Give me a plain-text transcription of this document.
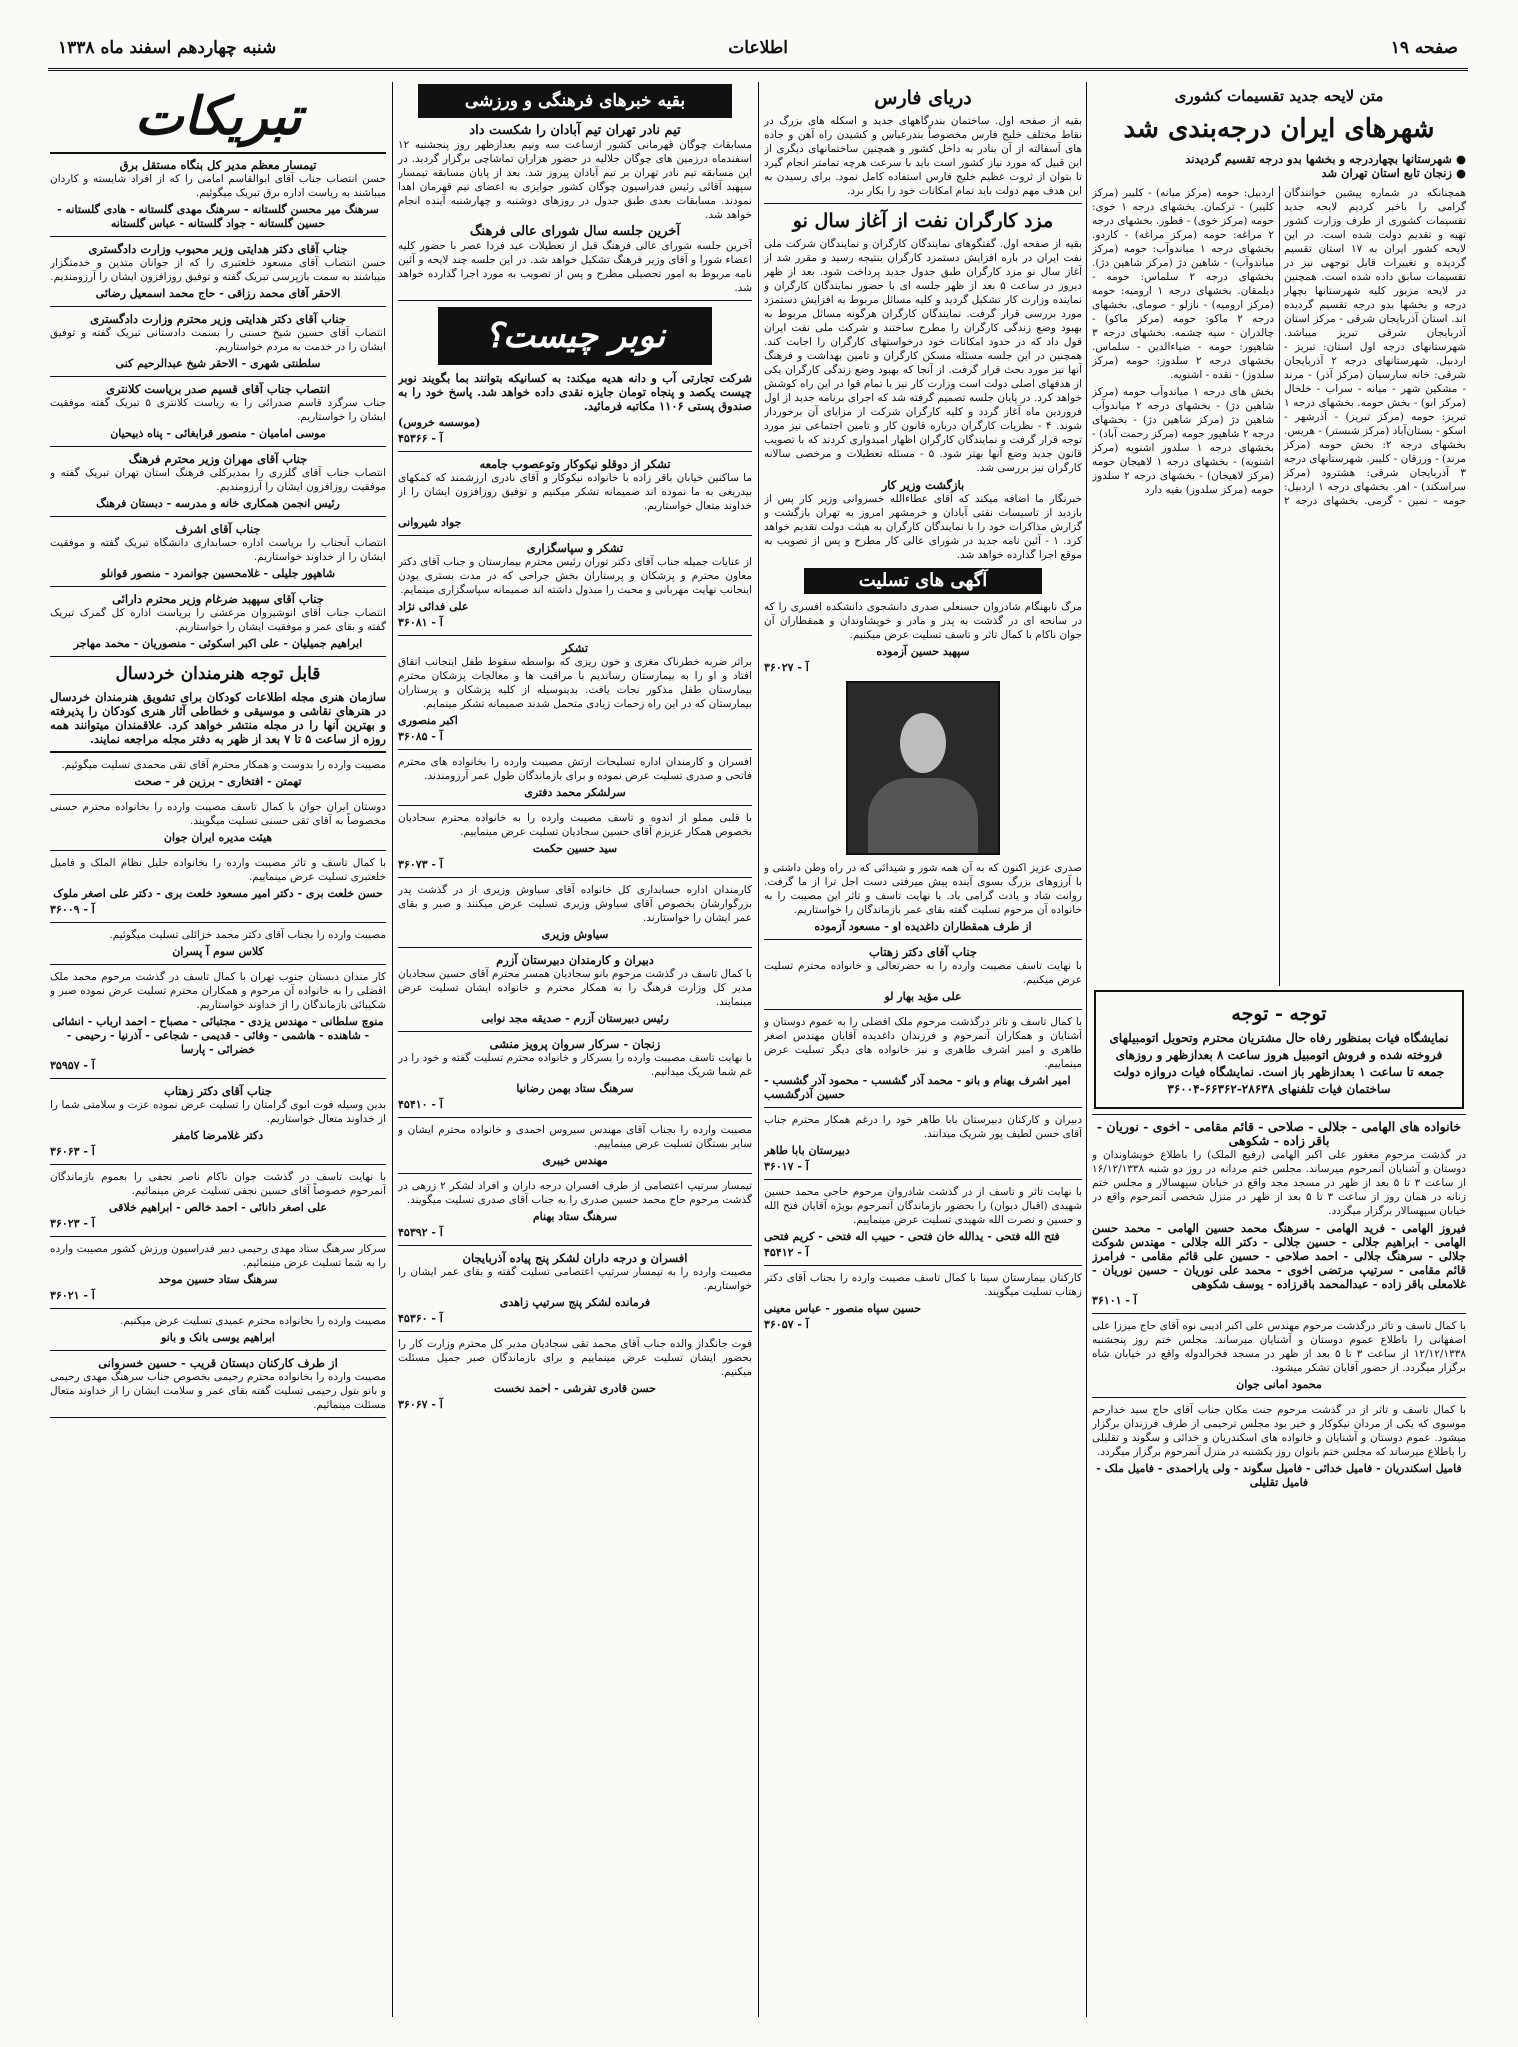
صفحه ۱۹
اطلاعات
شنبه چهاردهم اسفند ماه ۱۳۳۸
متن لایحه جدید تقسیمات کشوری
شهرهای ایران درجه‌بندی شد
● شهرستانها بچهاردرجه و بخشها بدو درجه تقسیم گردیدند
● زنجان تابع استان تهران شد

همچنانکه در شماره پیشین خوانندگان گرامی را باخبر کردیم لایحه جدید تقسیمات کشوری از طرف وزارت کشور تهیه و تقدیم دولت شده است. در این لایحه کشور ایران به ۱۷ استان تقسیم گردیده و تغییرات قابل توجهی نیز در تقسیمات سابق داده شده است. همچنین در لایحه مزبور کلیه شهرستانها بچهار درجه و بخشها بدو درجه تقسیم گردیده اند. استان آذربایجان شرقی - مرکز استان آذربایجان شرقی تبریز میباشد. شهرستانهای درجه اول استان: تبریز - اردبیل. شهرستانهای درجه ۲ آذربایجان شرقی: خانه سارسیان (مرکز آذر) - مرند - مشکین شهر - میانه - سراب - خلخال (مرکز ابو) - بخش حومه. بخشهای درجه ۱ تبریز: حومه (مرکز تبریز) - آذرشهر - اسکو - بستان‌آباد (مرکز شبستر) - هریس. بخشهای درجه ۲: بخش حومه (مرکز مرند) - ورزقان - کلیبر. شهرستانهای درجه ۳ آذربایجان شرقی: هشترود (مرکز سراسکند) - اهر. بخشهای درجه ۱ اردبیل: حومه - نمین - گرمی. بخشهای درجه ۲ اردبیل: حومه (مرکز میانه) - کلیبر (مرکز کلیبر) - ترکمان. بخشهای درجه ۱ خوی: حومه (مرکز خوی) - قطور. بخشهای درجه ۲ مراغه: حومه (مرکز مراغه) - کاردو. بخشهای درجه ۱ میاندوآب: حومه (مرکز میاندوآب) - شاهین دژ (مرکز شاهین دژ). بخشهای درجه ۲ سلماس: حومه - دیلمقان. بخشهای درجه ۱ ارومیه: حومه (مرکز ارومیه) - نازلو - صومای. بخشهای درجه ۲ ماکو: حومه (مرکز ماکو) - چالدران - سیه چشمه. بخشهای درجه ۳ شاهپور: حومه - ضیاءالدین - سلماس. بخشهای درجه ۲ سلدوز: حومه (مرکز سلدوز) - نقده - اشنویه.

بخش های درجه ۱ میاندوآب حومه (مرکز شاهین دژ) - بخشهای درجه ۲ میاندوآب شاهین دژ (مرکز شاهین دژ) - بخشهای درجه ۲ شاهپور حومه (مرکز رحمت آباد) - بخشهای درجه ۱ سلدوز اشنویه (مرکز اشنویه) - بخشهای درجه ۱ لاهیجان حومه (مرکز لاهیجان) - بخشهای درجه ۲ سلدوز حومه (مرکز سلدوز) بقیه دارد

توجه - توجه

نمایشگاه فیات بمنظور رفاه حال مشتریان محترم وتحویل اتومبیلهای فروخته شده و فروش اتومبیل هروز ساعت ۸ بعدازظهر و روزهای جمعه تا ساعت ۱ بعدازظهر باز است. نمایشگاه فیات دروازه دولت ساختمان فیات تلفنهای ۲۸۶۳۸-۶۶۳۶۲-۳۶۰۰۴

خانواده های الهامی - جلالی - صلاحی - قائم مقامی - اخوی - نوریان - باقر زاده - شکوهی

در گذشت مرحوم مغفور علی اکبر الهامی (رفیع الملک) را باطلاع خویشاوندان و دوستان و آشنایان آنمرحوم میرساند. مجلس ختم مردانه در روز دو شنبه ۱۶/۱۲/۱۳۳۸ از ساعت ۳ تا ۵ بعد از ظهر در مسجد مجد واقع در خیابان سپهسالار و مجلس ختم زنانه در همان روز از ساعت ۳ تا ۵ بعد از ظهر در منزل شخصی آنمرحوم واقع در خیابان سپهسالار برگزار میگردد.

فیروز الهامی - فرید الهامی - سرهنگ محمد حسین الهامی - محمد حسن الهامی - ابراهیم جلالی - حسین جلالی - دکتر الله جلالی - مهندس شوکت جلالی - سرهنگ جلالی - احمد صلاحی - حسین علی قائم مقامی - فرامرز قائم مقامی - سرتیپ مرتضی اخوی - محمد علی نوریان - حسین نوریان - غلامعلی باقر زاده - عبدالمحمد باقرزاده - یوسف شکوهی

آ - ۳۶۱۰۱

با کمال تاسف و تاثر درگذشت مرحوم مهندس علی اکبر ادیبی نوه آقای حاج میرزا علی اصفهانی را باطلاع عموم دوستان و آشنایان میرساند. مجلس ختم روز پنجشنبه ۱۲/۱۲/۱۳۳۸ از ساعت ۳ تا ۵ بعد از ظهر در مسجد فخرالدوله واقع در خیابان شاه برگزار میگردد. از حضور آقایان تشکر میشود.

محمود امانی جوان

با کمال تاسف و تاثر از در گذشت مرحوم جنت مکان جناب آقای حاج سید خدارحم موسوی که یکی از مردان نیکوکار و خیر بود مجلس ترحیمی از طرف فرزندان برگزار میشود. عموم دوستان و آشنایان و خانواده های اسکندریان و خدائی و سگوند و تقلیلی را باطلاع میرساند که مجلس ختم بانوان روز یکشنبه در منزل آنمرحوم برگزار میگردد.

فامیل اسکندریان - فامیل خدائی - فامیل سگوند - ولی یاراحمدی - فامیل ملک - فامیل تقلیلی
دریای فارس

بقیه از صفحه اول. ساختمان بندرگاههای جدید و اسکله های بزرگ در نقاط مختلف خلیج فارس مخصوصاً بندرعباس و کشیدن راه آهن و جاده های آسفالته از آن بنادر به داخل کشور و همچنین ساختمانهای دیگری از این قبیل که مورد نیاز کشور است باید با سرعت هرچه تمامتر انجام گیرد تا بتوان از ثروت عظیم خلیج فارس استفاده کامل نمود. برای رسیدن به این هدف مهم دولت باید تمام امکانات خود را بکار برد.

مزد کارگران نفت از آغاز سال نو

بقیه از صفحه اول. گفتگوهای نمایندگان کارگران و نمایندگان شرکت ملی نفت ایران در باره افزایش دستمزد کارگران بنتیجه رسید و مقرر شد از آغاز سال نو مزد کارگران طبق جدول جدید پرداخت شود. بعد از ظهر دیروز در ساعت ۵ بعد از ظهر جلسه ای با حضور نمایندگان کارگران و نماینده وزارت کار تشکیل گردید و کلیه مسائل مربوط به افزایش دستمزد مورد بررسی قرار گرفت. نمایندگان کارگران هرگونه مسائل مربوط به بهبود وضع زندگی کارگران را مطرح ساختند و شرکت ملی نفت ایران قول داد که در حدود امکانات خود درخواستهای کارگران را اجابت کند. همچنین در این جلسه مسئله مسکن کارگران و تامین بهداشت و فرهنگ آنها نیز مورد بحث قرار گرفت. از آنجا که بهبود وضع زندگی کارگران یکی از هدفهای اصلی دولت است وزارت کار نیز با تمام قوا در این راه کوشش خواهد کرد. در پایان جلسه تصمیم گرفته شد که اجرای برنامه جدید از اول فروردین ماه آغاز گردد و کلیه کارگران شرکت از مزایای آن برخوردار شوند. ۴ - نظریات کارگران درباره قانون کار و تامین اجتماعی نیز مورد توجه قرار گرفت و نمایندگان کارگران اظهار امیدواری کردند که با تصویب قانون جدید وضع آنها بهتر شود. ۵ - مسئله تعطیلات و مرخصی سالانه کارگران نیز بررسی شد.

بازگشت وزیر کار

خبرنگار ما اضافه میکند که آقای عطاءالله خسروانی وزیر کار پس از بازدید از تاسیسات نفتی آبادان و خرمشهر امروز به تهران بازگشت و گزارش مذاکرات خود را با نمایندگان کارگران به هیئت دولت تقدیم خواهد کرد. ۱ - آئین نامه جدید در شورای عالی کار مطرح و پس از تصویب به موقع اجرا گذارده خواهد شد.

آگهی های تسلیت

مرگ نابهنگام شادروان حسنعلی صدری دانشجوی دانشکده افسری را که در سانحه ای در گذشت به پدر و مادر و خویشاوندان و همقطاران آن جوان ناکام با کمال تاثر و تاسف تسلیت عرض میکنیم.

سپهبد حسین آزموده
آ - ۳۶۰۲۷

صدری عزیز اکنون که به آن همه شور و شیدائی که در راه وطن داشتی و با آرزوهای بزرگ بسوی آینده پیش میرفتی دست اجل ترا از ما گرفت. روانت شاد و یادت گرامی باد. با نهایت تاسف و تاثر این مصیبت را به خانواده آن مرحوم تسلیت گفته بقای عمر بازماندگان را خواستاریم.

از طرف همقطاران داغدیده او - مسعود آزموده
جناب آقای دکتر زهتاب

با نهایت تاسف مصیبت وارده را به حضرتعالی و خانواده محترم تسلیت عرض میکنیم.

علی مؤید بهار لو

با کمال تاسف و تاثر درگذشت مرحوم ملک افضلی را به عموم دوستان و آشنایان و همکاران آنمرحوم و فرزندان داغدیده آقایان مهندس اصغر طاهری و امیر اشرف طاهری و نیز خانواده های دیگر تسلیت عرض مینماییم.

امیر اشرف بهنام و بانو - محمد آذر گشسب - محمود آذر گشسب - حسین آذرگشسب

دبیران و کارکنان دبیرستان بابا طاهر خود را درغم همکار محترم جناب آقای حسن لطیف پور شریک میدانند.

دبیرستان بابا طاهر
آ - ۳۶۰۱۷

با نهایت تاثر و تاسف از در گذشت شادروان مرحوم حاجی محمد حسین شهیدی (اقبال دیوان) را بحضور بازماندگان آنمرحوم بویژه آقایان فتح الله و حسین و نصرت الله شهیدی تسلیت عرض مینماییم.

فتح الله فتحی - یدالله خان فتحی - حبیب اله فتحی - کریم فتحی
آ - ۴۵۴۱۲

کارکنان بیمارستان سینا با کمال تاسف مصیبت وارده را بجناب آقای دکتر زهتاب تسلیت میگویند.

حسین سپاه منصور - عباس معینی
آ - ۳۶۰۵۷
بقیه خبرهای فرهنگی و ورزشی
تیم نادر تهران تیم آبادان را شکست داد

مسابقات چوگان قهرمانی کشور ازساعت سه ونیم بعدازظهر روز پنجشنبه ۱۲ اسفندماه درزمین های چوگان جلالیه در حضور هزاران تماشاچی برگزار گردید. در این مسابقه تیم نادر تهران بر تیم آبادان پیروز شد. بعد از پایان مسابقه تیمسار سپهبد آقائی رئیس فدراسیون چوگان کشور جوایزی به اعضای تیم قهرمان اهدا نمودند. مسابقات بعدی طبق جدول در روزهای دوشنبه و چهارشنبه آینده انجام خواهد شد.

آخرین جلسه سال شورای عالی فرهنگ

آخرین جلسه شورای عالی فرهنگ قبل از تعطیلات عید فردا عصر با حضور کلیه اعضاء شورا و آقای وزیر فرهنگ تشکیل خواهد شد. در این جلسه چند لایحه و آئین نامه مربوط به امور تحصیلی مطرح و پس از تصویب به مورد اجرا گذارده خواهد شد.

نوبر چیست؟

شرکت تجارتی آب و دانه هدیه میکند: به کسانیکه بتوانند بما بگویند نوبر چیست یکصد و پنجاه تومان جایزه نقدی داده خواهد شد. پاسخ خود را به صندوق پستی ۱۱۰۶ مکاتبه فرمائید.

(موسسه خروس)
آ - ۴۵۳۶۶
تشکر از دوقلو نیکوکار وتوعصوب جامعه

ما ساکنین خیابان باقر زاده با خانواده نیکوکار و آقای نادری ارزشمند که کمکهای بیدریغی به ما نموده اند صمیمانه تشکر میکنیم و توفیق روزافزون ایشان را از خداوند متعال خواستاریم.

جواد شیروانی
تشکر و سپاسگزاری

از عنایات جمیله جناب آقای دکتر توران رئیس محترم بیمارستان و جناب آقای دکتر معاون محترم و پزشکان و پرستاران بخش جراحی که در مدت بستری بودن اینجانب نهایت مهربانی و محبت را مبذول داشته اند صمیمانه سپاسگزاری مینمایم.

علی فدائی نژاد
آ - ۳۶۰۸۱
تشکر

براثر ضربه خطرناک مغزی و خون ریزی که بواسطه سقوط طفل اینجانب اتفاق افتاد و او را به بیمارستان رساندیم با مراقبت ها و معالجات پزشکان محترم بیمارستان طفل مذکور نجات یافت. بدینوسیله از کلیه پزشکان و پرستاران بیمارستان که در این راه زحمات زیادی متحمل شدند صمیمانه تشکر مینمایم.

اکبر منصوری
آ - ۳۶۰۸۵

افسران و کارمندان اداره تسلیحات ارتش مصیبت وارده را بخانواده های محترم فاتحی و صدری تسلیت عرض نموده و برای بازماندگان طول عمر آرزومندند.

سرلشکر محمد دفتری

با قلبی مملو از اندوه و تاسف مصیبت وارده را به خانواده محترم سجادیان بخصوص همکار عزیزم آقای حسین سجادیان تسلیت عرض مینماییم.

سید حسین حکمت
آ - ۳۶۰۷۳

کارمندان اداره حسابداری کل خانواده آقای سیاوش وزیری از در گذشت پدر بزرگوارشان بخصوص آقای سیاوش وزیری تسلیت عرض میکنند و صبر و بقای عمر ایشان را خواستارند.

سیاوش وزیری
دبیران و کارمندان دبیرستان آزرم

با کمال تاسف در گذشت مرحوم بانو سجادیان همسر محترم آقای حسین سجادیان مدیر کل وزارت فرهنگ را به همکار محترم و خانواده ایشان تسلیت عرض مینمایند.

رئیس دبیرستان آزرم - صدیقه مجد نوابی
زنجان - سرکار سروان پرویز منشی

با نهایت تاسف مصیبت وارده را بسرکار و خانواده محترم تسلیت گفته و خود را در غم شما شریک میدانیم.

سرهنگ ستاد بهمن رضانیا
آ - ۴۵۴۱۰

مصیبت وارده را بجناب آقای مهندس سیروس احمدی و خانواده محترم ایشان و سایر بستگان تسلیت عرض مینماییم.

مهندس خیبری

تیمسار سرتیپ اعتصامی از طرف افسران درجه داران و افراد لشکر ۲ زرهی در گذشت مرحوم حاج محمد حسین صدری را به جناب آقای صدری تسلیت میگویند.

سرهنگ ستاد بهنام
آ - ۴۵۳۹۲
افسران و درجه داران لشکر پنج پیاده آذربایجان

مصیبت وارده را به تیمسار سرتیپ اعتصامی تسلیت گفته و بقای عمر ایشان را خواستاریم.

فرمانده لشکر پنج سرتیپ زاهدی
آ - ۴۵۳۶۰

فوت جانگداز والده جناب آقای محمد تقی سجادیان مدیر کل محترم وزارت کار را بحضور ایشان تسلیت عرض مینماییم و برای بازماندگان صبر جمیل مسئلت میکنیم.

حسن قادری تفرشی - احمد نخست
آ - ۳۶۰۶۷
تبریکات
تیمسار معظم مدیر کل بنگاه مستقل برق

حسن انتصاب جناب آقای ابوالقاسم امامی را که از افراد شایسته و کاردان میباشند به ریاست اداره برق تبریک میگوئیم.

سرهنگ میر محسن گلستانه - سرهنگ مهدی گلستانه - هادی گلستانه - حسین گلستانه - جواد گلستانه - عباس گلستانه
جناب آقای دکتر هدایتی وزیر محبوب وزارت دادگستری

حسن انتصاب آقای مسعود خلعتبری را که از جوانان متدین و خدمتگزار میباشند به سمت بازپرسی تبریک گفته و توفیق روزافزون ایشان را آرزومندیم.

الاحقر آقای محمد رزاقی - حاج محمد اسمعیل رضائی
جناب آقای دکتر هدایتی وزیر محترم وزارت دادگستری

انتصاب آقای حسین شیخ حسنی را بسمت دادستانی تبریک گفته و توفیق ایشان را در خدمت به مردم خواستاریم.

سلطنتی شهری - الاحقر شیخ عبدالرحیم کنی
انتصاب جناب آقای قسیم صدر بریاست کلانتری

جناب سرگرد قاسم صدرائی را به ریاست کلانتری ۵ تبریک گفته موفقیت ایشان را خواستاریم.

موسی امامیان - منصور قرابغائی - پناه ذبیحیان
جناب آقای مهران وزیر محترم فرهنگ

انتصاب جناب آقای گلزری را بمدیرکلی فرهنگ استان تهران تبریک گفته و موفقیت روزافزون ایشان را آرزومندیم.

رئیس انجمن همکاری خانه و مدرسه - دبستان فرهنگ
جناب آقای اشرف

انتصاب آنجناب را بریاست اداره حسابداری دانشگاه تبریک گفته و موفقیت ایشان را از خداوند خواستاریم.

شاهپور جلیلی - غلامحسین جوانمرد - منصور قوانلو
جناب آقای سپهبد ضرغام وزیر محترم دارائی

انتصاب جناب آقای انوشیروان مرعشی را بریاست اداره کل گمرک تبریک گفته و بقای عمر و موفقیت ایشان را خواستاریم.

ابراهیم جمیلیان - علی اکبر اسکوئی - منصوریان - محمد مهاجر
قابل توجه هنرمندان خردسال

سازمان هنری مجله اطلاعات کودکان برای تشویق هنرمندان خردسال در هنرهای نقاشی و موسیقی و خطاطی آثار هنری کودکان را پذیرفته و بهترین آنها را در مجله منتشر خواهد کرد. علاقمندان میتوانند همه روزه از ساعت ۵ تا ۷ بعد از ظهر به دفتر مجله مراجعه نمایند.

مصیبت وارده را بدوست و همکار محترم آقای تقی محمدی تسلیت میگوئیم.

تهمتن - افتخاری - برزین فر - صحت

دوستان ایران جوان با کمال تاسف مصیبت وارده را بخانواده محترم حسنی مخصوصاً به آقای تقی حسنی تسلیت میگویند.

هیئت مدیره ایران جوان

با کمال تاسف و تاثر مصیبت وارده را بخانواده جلیل نظام الملک و فامیل خلعتبری تسلیت عرض مینماییم.

حسن خلعت بری - دکتر امیر مسعود خلعت بری - دکتر علی اصغر ملوک
آ - ۳۶۰۰۹

مصیبت وارده را بجناب آقای دکتر محمد خزائلی تسلیت میگوئیم.

کلاس سوم آ پسران

کار مندان دبستان جنوب تهران با کمال تاسف در گذشت مرحوم محمد ملک افضلی را به خانواده آن مرحوم و همکاران محترم تسلیت عرض نموده صبر و شکیبائی بازماندگان را از خداوند خواستاریم.

منوچ سلطانی - مهندس یزدی - مجتبائی - مصباح - احمد ارباب - انشائی - شاهنده - هاشمی - وفائی - قدیمی - شجاعی - آذرنیا - رحیمی - خضرائی - پارسا
آ - ۳۵۹۵۷
جناب آقای دکتر زهتاب

بدین وسیله فوت ابوی گرامتان را تسلیت عرض نموده عزت و سلامتی شما را از خداوند متعال خواستاریم.

دکتر غلامرضا کامفر
آ - ۳۶۰۶۳

با نهایت تاسف در گذشت جوان ناکام ناصر نجفی را بعموم بازماندگان آنمرحوم خصوصاً آقای حسین نجفی تسلیت عرض مینمائیم.

علی اصغر دانائی - احمد خالص - ابراهیم خلاقی
آ - ۳۶۰۲۳

سرکار سرهنگ ستاد مهدی رحیمی دبیر فدراسیون ورزش کشور مصیبت وارده را به شما تسلیت عرض مینمائیم.

سرهنگ ستاد حسین موحد
آ - ۳۶۰۲۱

مصیبت وارده را بخانواده محترم عمیدی تسلیت عرض میکنیم.

ابراهیم یوسی بانک و بانو
از طرف کارکنان دبستان قریب - حسین خسروانی

مصیبت وارده را بخانواده محترم رحیمی بخصوص جناب سرهنگ مهدی رحیمی و بانو بتول رحیمی تسلیت گفته بقای عمر و سلامت ایشان را از خداوند متعال مسئلت مینمائیم.
